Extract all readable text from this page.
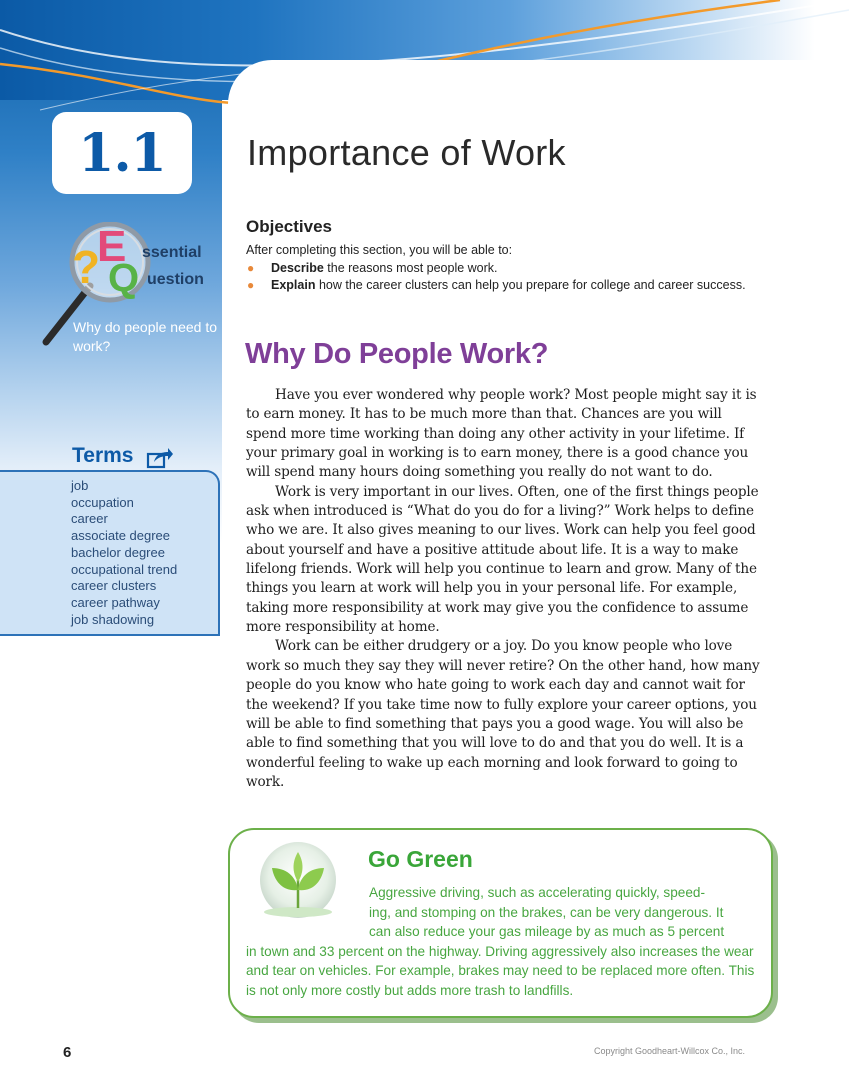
1.1
?
E
Q
ssential
uestion
Why do people need to work?
Terms
job
occupation
career
associate degree
bachelor degree
occupational trend
career clusters
career pathway
job shadowing
Importance of Work
Objectives
After completing this section, you will be able to:
● Describe the reasons most people work.
● Explain how the career clusters can help you prepare for college and career success.
Why Do People Work?

Have you ever wondered why people work? Most people might say it is to earn money. It has to be much more than that. Chances are you will spend more time working than doing any other activity in your lifetime. If your primary goal in working is to earn money, there is a good chance you will spend many hours doing something you really do not want to do.

Work is very important in our lives. Often, one of the first things people ask when introduced is “What do you do for a living?” Work helps to define who we are. It also gives meaning to our lives. Work can help you feel good about yourself and have a positive attitude about life. It is a way to make lifelong friends. Work will help you continue to learn and grow. Many of the things you learn at work will help you in your personal life. For example, taking more responsibility at work may give you the confidence to assume more responsibility at home.

Work can be either drudgery or a joy. Do you know people who love work so much they say they will never retire? On the other hand, how many people do you know who hate going to work each day and cannot wait for the weekend? If you take time now to fully explore your career options, you will be able to find something that pays you a good wage. You will also be able to find something that you will love to do and that you do well. It is a wonderful feeling to wake up each morning and look forward to going to work.

Go Green
Aggressive driving, such as accelerating quickly, speed-
ing, and stomping on the brakes, can be very dangerous. It
can also reduce your gas mileage by as much as 5 percent
in town and 33 percent on the highway. Driving aggressively also increases the wear and tear on vehicles. For example, brakes may need to be replaced more often. This is not only more costly but adds more trash to landfills.
6	Copyright Goodheart-Willcox Co., Inc.
